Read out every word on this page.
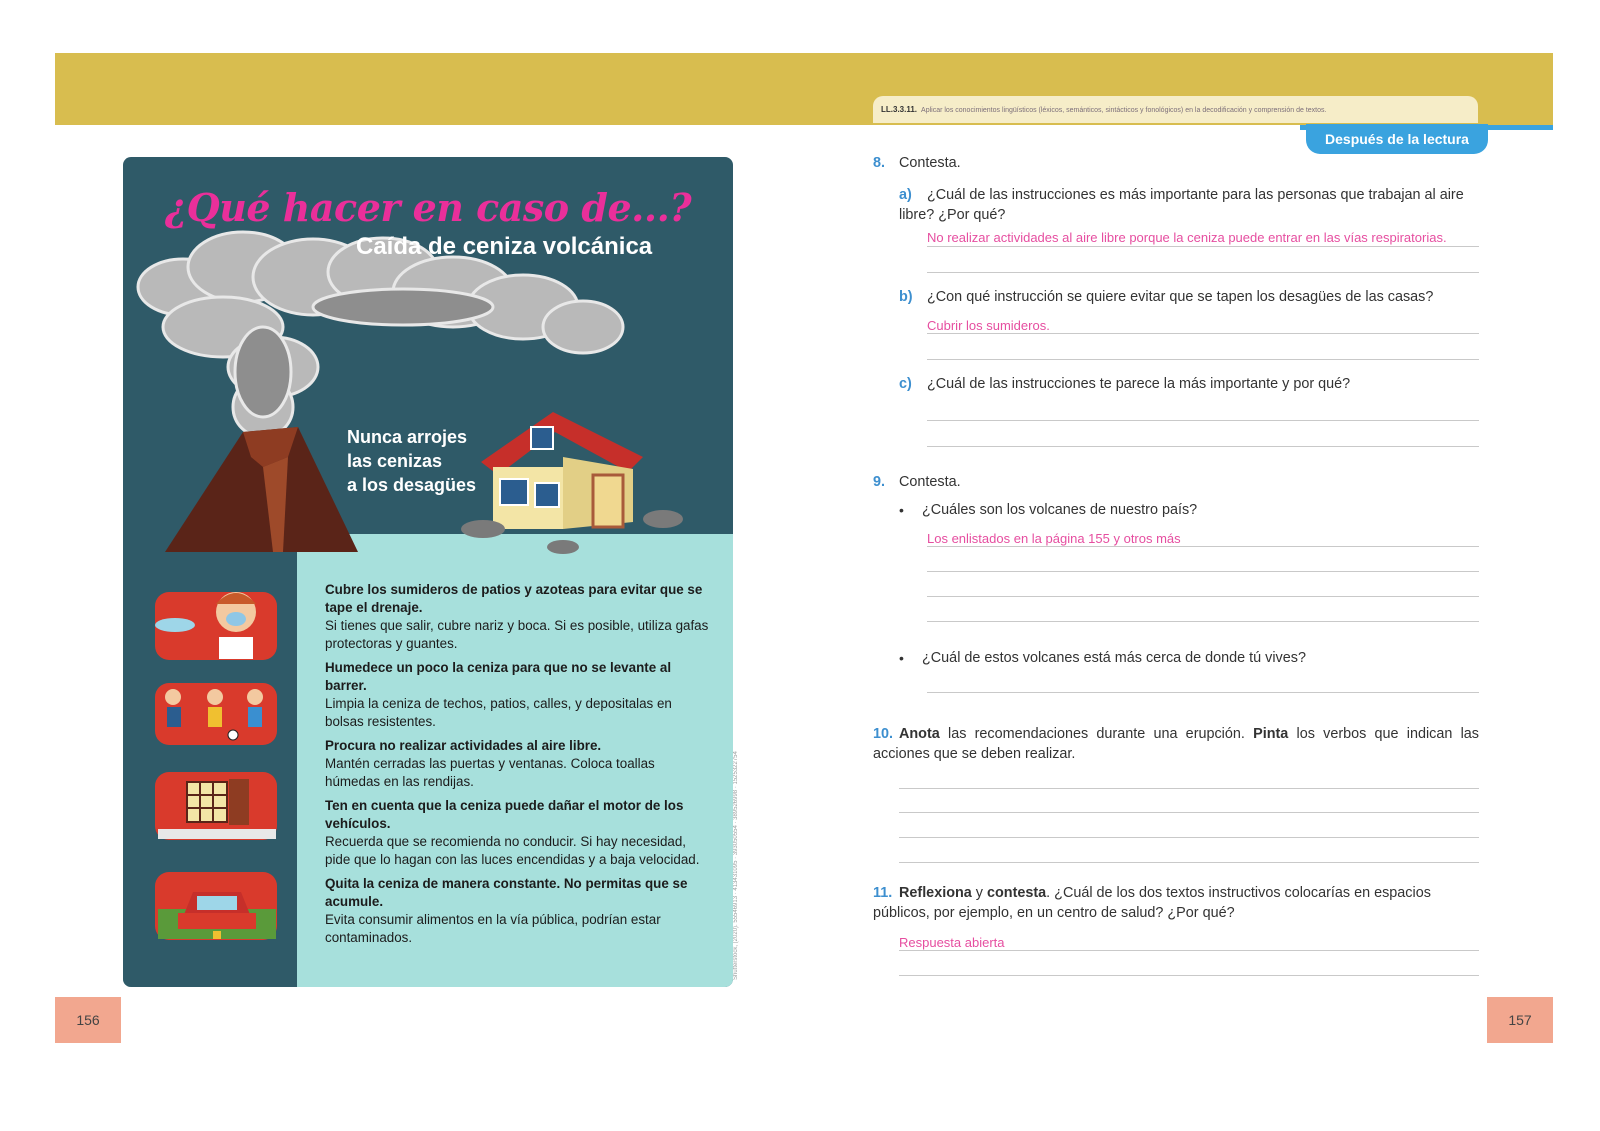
LL.3.3.11. Aplicar los conocimientos lingüísticos (léxicos, semánticos, sintácticos y fonológicos) en la decodificación y comprensión de textos.
Después de la lectura
¿Qué hacer en caso de...?
Caída de ceniza volcánica
Nunca arrojes
las cenizas
a los desagües
Cubre los sumideros de patios y azoteas para evitar que se tape el drenaje.
Si tienes que salir, cubre nariz y boca. Si es posible, utiliza gafas protectoras y guantes.
Humedece un poco la ceniza para que no se levante al barrer.
Limpia la ceniza de techos, patios, calles, y depositalas en bolsas resistentes.
Procura no realizar actividades al aire libre.
Mantén cerradas las puertas y ventanas. Coloca toallas húmedas en las rendijas.
Ten en cuenta que la ceniza puede dañar el motor de los vehículos.
Recuerda que se recomienda no conducir. Si hay necesidad, pide que lo hagan con las luces encendidas y a baja velocidad.
Quita la ceniza de manera constante. No permitas que se acumule.
Evita consumir alimentos en la vía pública, podrían estar contaminados.	Shutterstock, (2020). 55546913 · 413431095 · 393050554 · 389526998 · 1525322754
8. Contesta.
a) ¿Cuál de las instrucciones es más importante para las personas que trabajan al aire libre? ¿Por qué?
No realizar actividades al aire libre porque la ceniza puede entrar en las vías respiratorias.
b) ¿Con qué instrucción se quiere evitar que se tapen los desagües de las casas?
Cubrir los sumideros.
c) ¿Cuál de las instrucciones te parece la más importante y por qué?
9. Contesta.
• ¿Cuáles son los volcanes de nuestro país?
Los enlistados en la página 155 y otros más
• ¿Cuál de estos volcanes está más cerca de donde tú vives?
10. Anota las recomendaciones durante una erupción. Pinta los verbos que indican las acciones que se deben realizar.
11. Reflexiona y contesta. ¿Cuál de los dos textos instructivos colocarías en espacios públicos, por ejemplo, en un centro de salud? ¿Por qué?
Respuesta abierta
156	157
